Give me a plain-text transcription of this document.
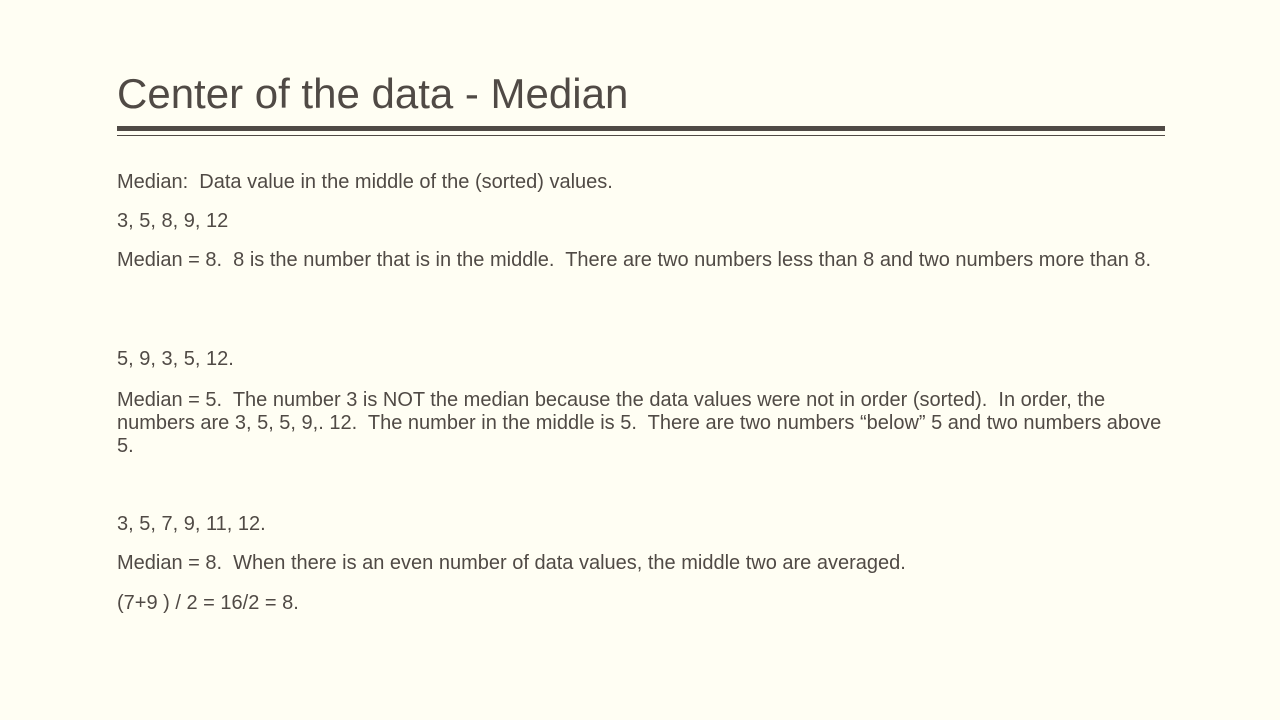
Center of the data - Median
Median:  Data value in the middle of the (sorted) values.
3, 5, 8, 9, 12
Median = 8.  8 is the number that is in the middle.  There are two numbers less than 8 and two numbers more than 8.
5, 9, 3, 5, 12.
Median = 5.  The number 3 is NOT the median because the data values were not in order (sorted).  In order, the numbers are 3, 5, 5, 9,. 12.  The number in the middle is 5.  There are two numbers “below” 5 and two numbers above 5.
3, 5, 7, 9, 11, 12.
Median = 8.  When there is an even number of data values, the middle two are averaged.
(7+9 ) / 2 = 16/2 = 8.
